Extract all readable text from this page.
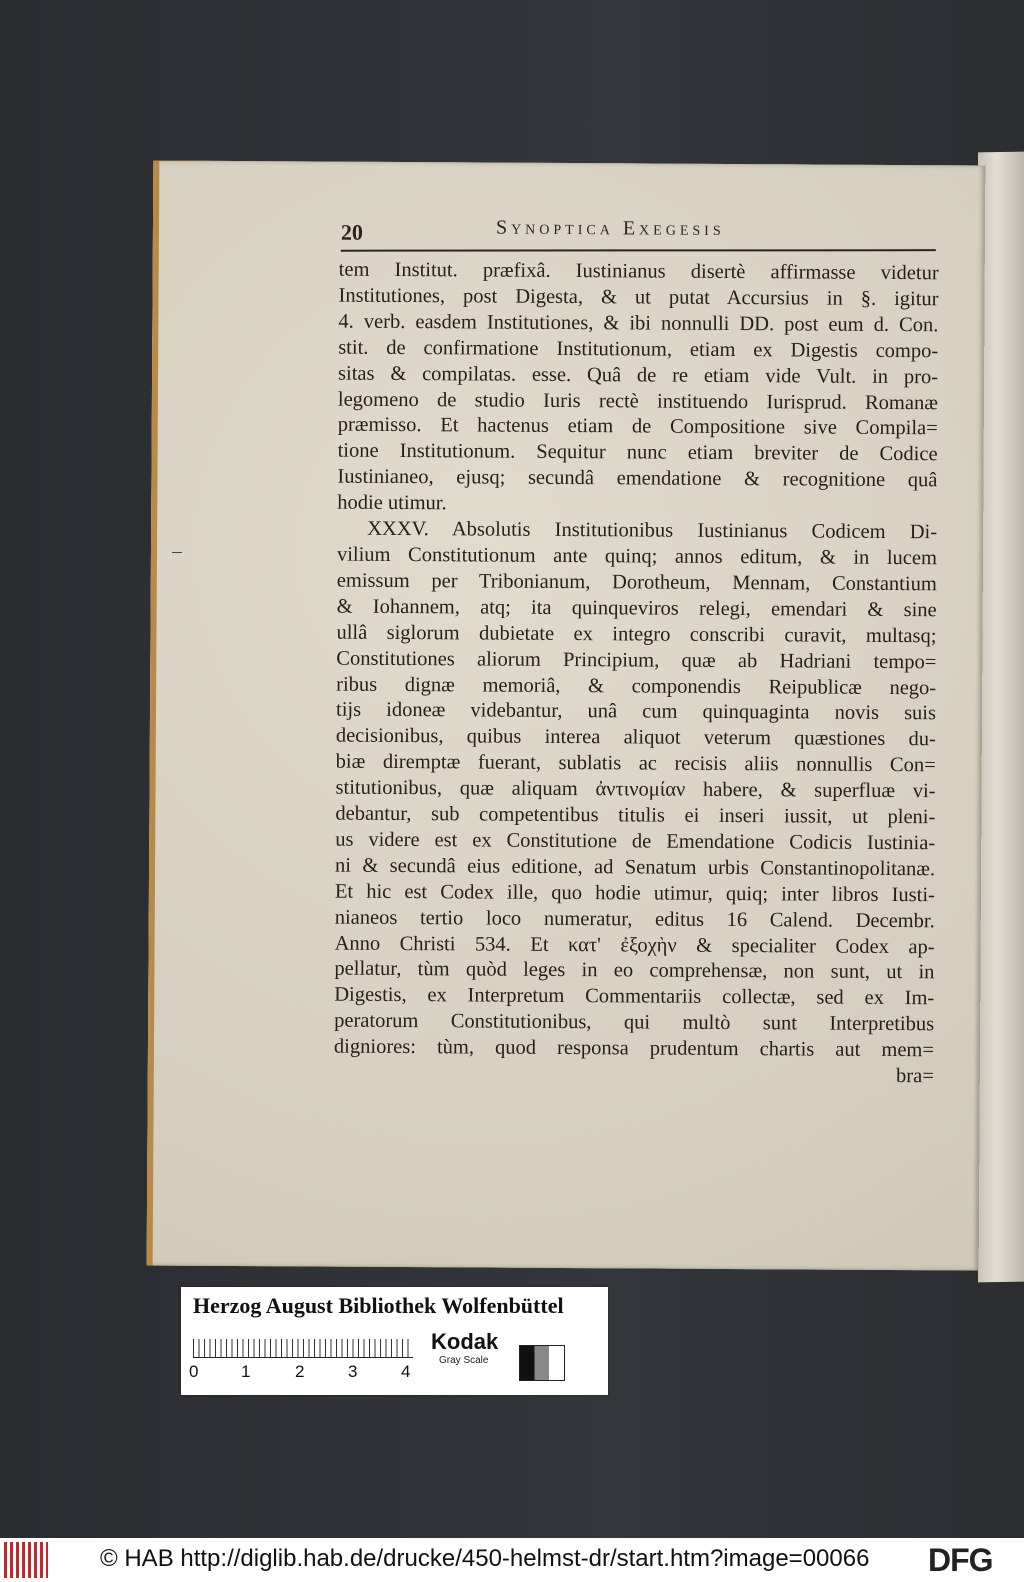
20	Synoptica Exegesis
tem Institut. præfixâ. Iustinianus disertè affirmasse videtur
Institutiones, post Digesta, & ut putat Accursius in §. igitur
4. verb. easdem Institutiones, & ibi nonnulli DD. post eum d. Con.
stit. de confirmatione Institutionum, etiam ex Digestis compo-
sitas & compilatas. esse. Quâ de re etiam vide Vult. in pro-
legomeno de studio Iuris rectè instituendo Iurisprud. Romanæ
præmisso. Et hactenus etiam de Compositione sive Compila=
tione Institutionum. Sequitur nunc etiam breviter de Codice
Iustinianeo, ejusq; secundâ emendatione & recognitione quâ
hodie utimur.
XXXV. Absolutis Institutionibus Iustinianus Codicem Di-
vilium Constitutionum ante quinq; annos editum, & in lucem
emissum per Tribonianum, Dorotheum, Mennam, Constantium
& Iohannem, atq; ita quinqueviros relegi, emendari & sine
ullâ siglorum dubietate ex integro conscribi curavit, multasq;
Constitutiones aliorum Principium, quæ ab Hadriani tempo=
ribus dignæ memoriâ, & componendis Reipublicæ nego-
tijs idoneæ videbantur, unâ cum quinquaginta novis suis
decisionibus, quibus interea aliquot veterum quæstiones du-
biæ diremptæ fuerant, sublatis ac recisis aliis nonnullis Con=
stitutionibus, quæ aliquam ἀντινομίαν habere, & superfluæ vi-
debantur, sub competentibus titulis ei inseri iussit, ut pleni-
us videre est ex Constitutione de Emendatione Codicis Iustinia-
ni & secundâ eius editione, ad Senatum urbis Constantinopolitanæ.
Et hic est Codex ille, quo hodie utimur, quiq; inter libros Iusti-
nianeos tertio loco numeratur, editus 16 Calend. Decembr.
Anno Christi 534. Et κατ' ἐξοχὴν & specialiter Codex ap-
pellatur, tùm quòd leges in eo comprehensæ, non sunt, ut in
Digestis, ex Interpretum Commentariis collectæ, sed ex Im-
peratorum Constitutionibus, qui multò sunt Interpretibus
digniores: tùm, quod responsa prudentum chartis aut mem=
bra=
Herzog August Bibliothek Wolfenbüttel
0	1	2	3	4
Kodak
Gray Scale
© HAB http://diglib.hab.de/drucke/450-helmst-dr/start.htm?image=00066 DFG
